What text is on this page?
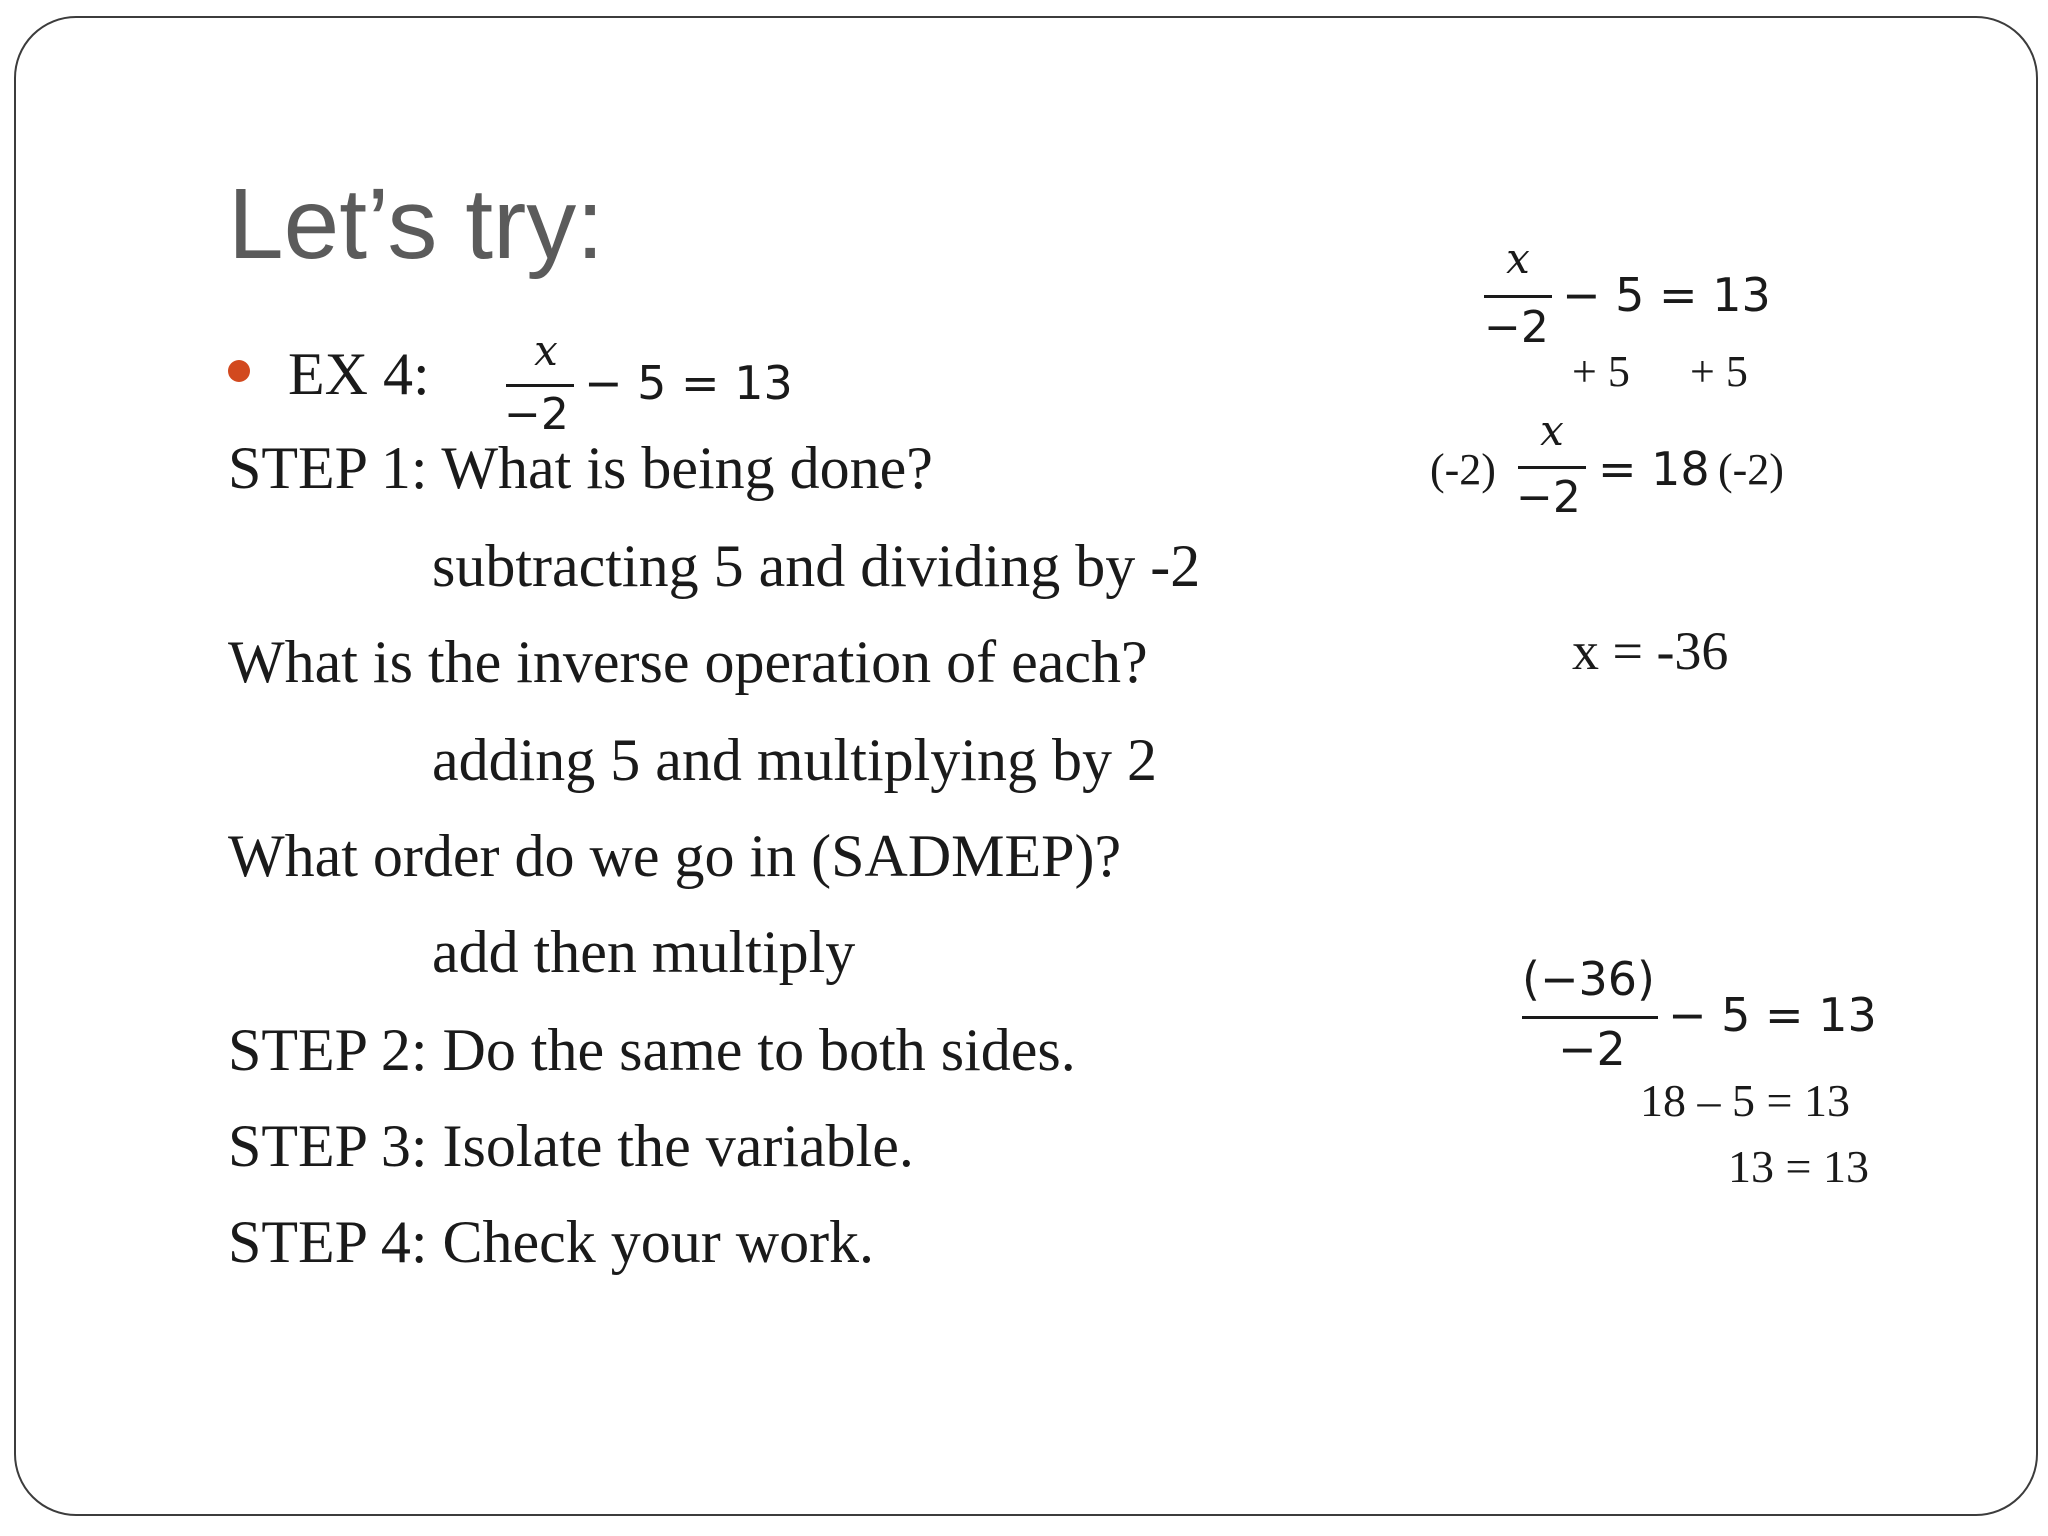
Let’s try:
EX 4: x
−2
− 5 = 13
STEP 1: What is being done?
subtracting 5 and dividing by -2
What is the inverse operation of each?
adding 5 and multiplying by 2
What order do we go in (SADMEP)?
add then multiply
STEP 2: Do the same to both sides.
STEP 3: Isolate the variable.
STEP 4: Check your work.
x
−2
− 5 = 13
+ 5 + 5
(-2)
x
−2
= 18 (-2)
x = -36
(−36)
−2
− 5 = 13
18 – 5 = 13
13 = 13
